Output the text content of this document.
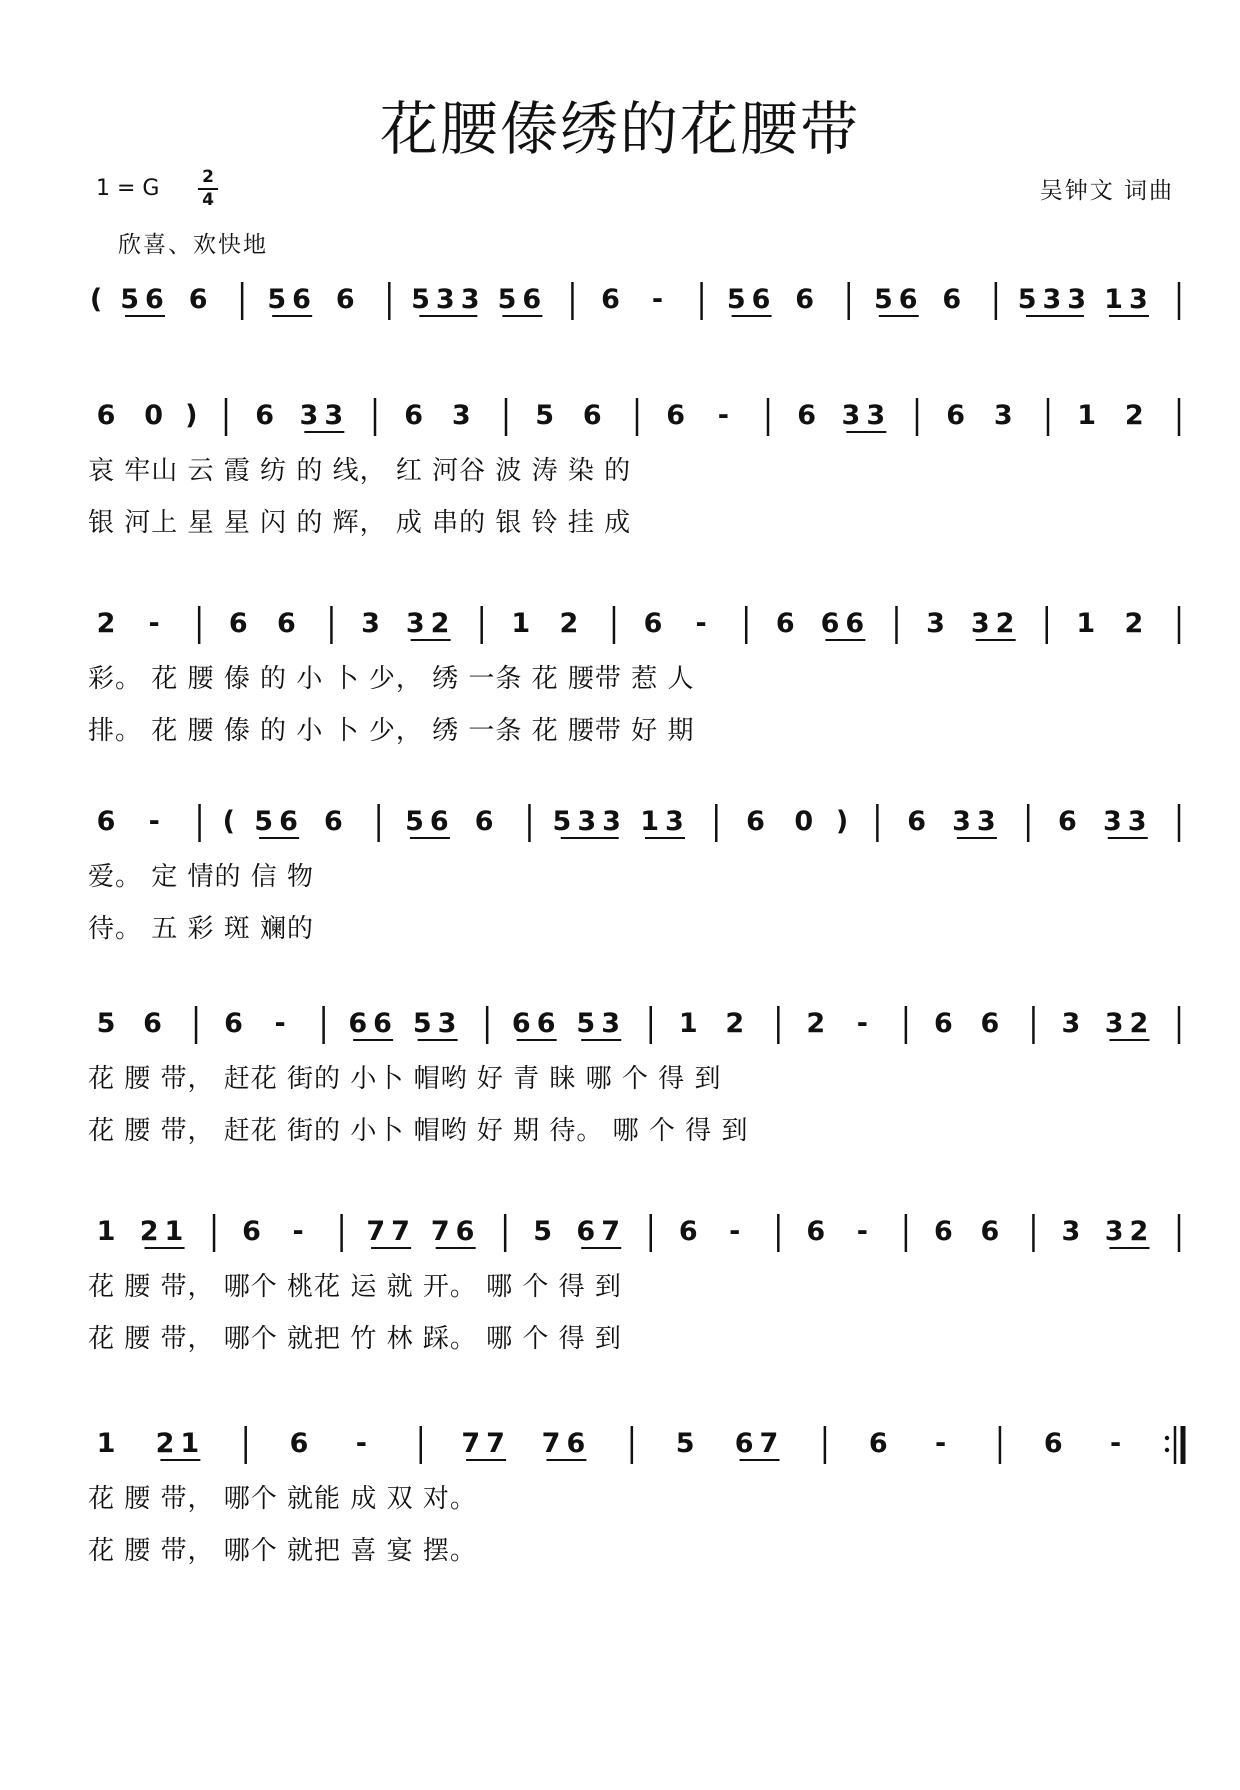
花腰傣绣的花腰带
1 = G	2
4	吴钟文 词曲
欣喜、欢快地
( 56 6 56 6 533 56 6 - 56 6 56 6 533 13
6 0 ) 6 33 6 3 5 6 6 - 6 33 6 3 1 2
哀 牢山 云 霞 纺 的 线， 红 河谷 波 涛 染 的
银 河上 星 星 闪 的 辉， 成 串的 银 铃 挂 成
2 - 6 6 3 32 1 2 6 - 6 66 3 32 1 2
彩。 花 腰 傣 的 小 卜 少， 绣 一条 花 腰带 惹 人
排。 花 腰 傣 的 小 卜 少， 绣 一条 花 腰带 好 期
6 - ( 56 6 56 6 533 13 6 0 ) 6 33 6 33
爱。 定 情的 信 物
待。 五 彩 斑 斓的
5 6 6 - 66 53 66 53 1 2 2 - 6 6 3 32
花 腰 带， 赶花 街的 小卜 帽哟 好 青 睐 哪 个 得 到
花 腰 带， 赶花 街的 小卜 帽哟 好 期 待。 哪 个 得 到
1 21 6 - 77 76 5 67 6 - 6 - 6 6 3 32
花 腰 带， 哪个 桃花 运 就 开。 哪 个 得 到
花 腰 带， 哪个 就把 竹 林 踩。 哪 个 得 到
1 21	6 -	77 76	5 67	6 -	6 -
花 腰 带， 哪个 就能 成 双 对。
花 腰 带， 哪个 就把 喜 宴 摆。
